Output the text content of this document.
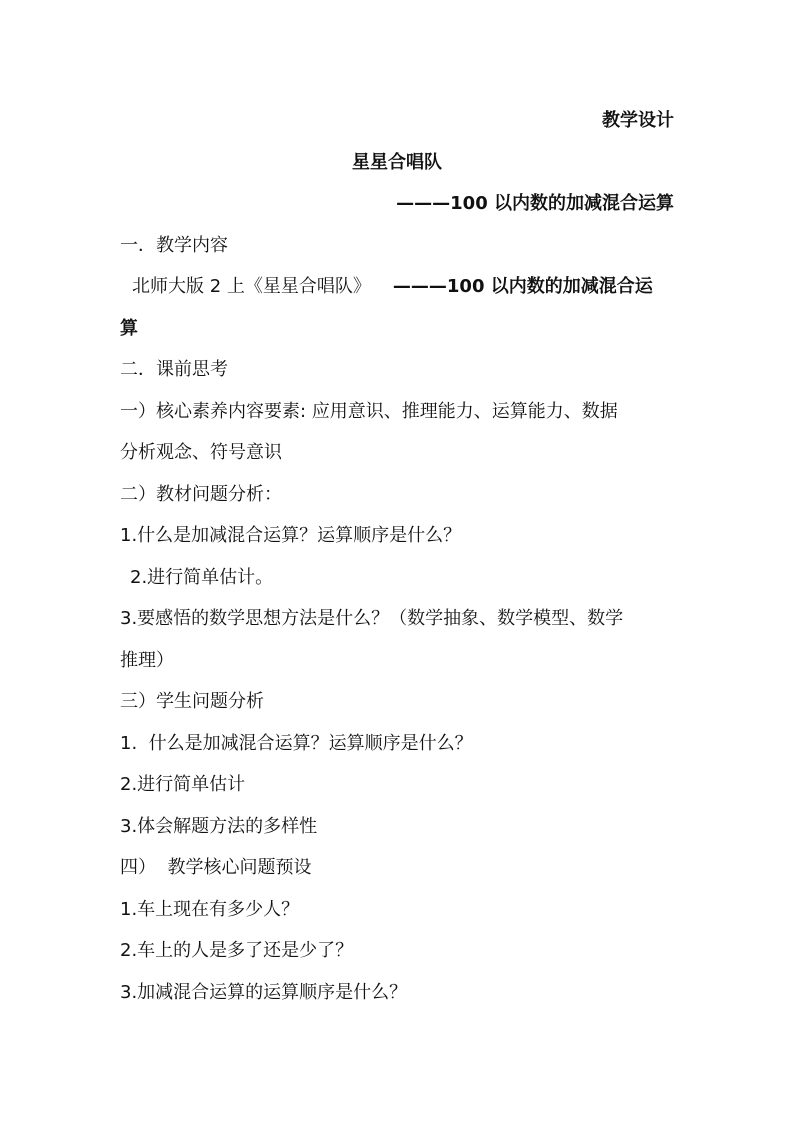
教学设计
星星合唱队
———100 以内数的加减混合运算
一．教学内容
北师大版 2 上《星星合唱队》 ———100 以内数的加减混合运
算
二．课前思考
一）核心素养内容要素: 应用意识、推理能力、运算能力、数据
分析观念、符号意识
二）教材问题分析：
1.什么是加减混合运算？运算顺序是什么？
2.进行简单估计。
3.要感悟的数学思想方法是什么？（数学抽象、数学模型、数学
推理）
三）学生问题分析
1.  什么是加减混合运算？运算顺序是什么？
2.进行简单估计
3.体会解题方法的多样性
四）  教学核心问题预设
1.车上现在有多少人？
2.车上的人是多了还是少了？
3.加减混合运算的运算顺序是什么？
